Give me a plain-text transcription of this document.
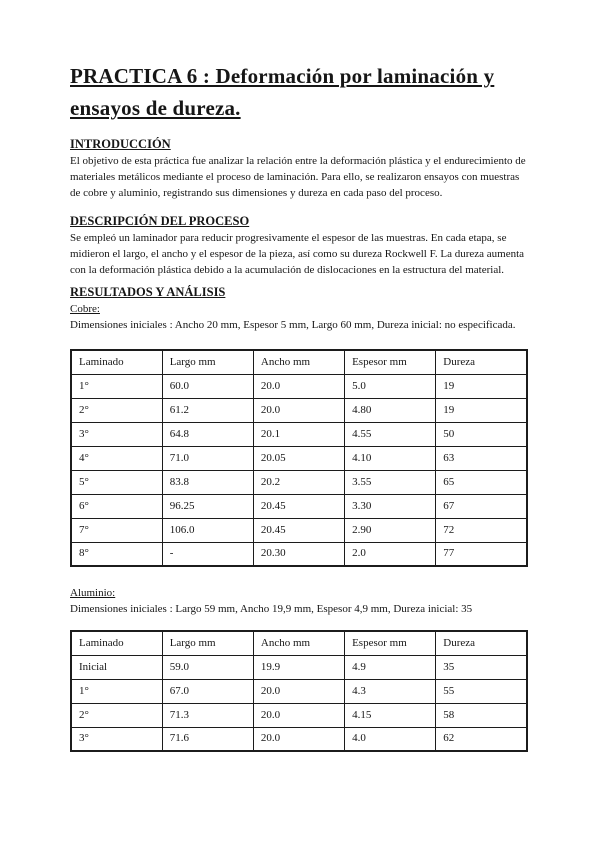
PRACTICA 6 : Deformación por laminación y ensayos de dureza.
INTRODUCCIÓN

El objetivo de esta práctica fue analizar la relación entre la deformación plástica y el endurecimiento de materiales metálicos mediante el proceso de laminación. Para ello, se realizaron ensayos con muestras de cobre y aluminio, registrando sus dimensiones y dureza en cada paso del proceso.

DESCRIPCIÓN DEL PROCESO

Se empleó un laminador para reducir progresivamente el espesor de las muestras. En cada etapa, se midieron el largo, el ancho y el espesor de la pieza, así como su dureza Rockwell F. La dureza aumenta con la deformación plástica debido a la acumulación de dislocaciones en la estructura del material.

RESULTADOS Y ANÁLISIS

Cobre:

Dimensiones iniciales : Ancho 20 mm, Espesor 5 mm, Largo 60 mm, Dureza inicial: no especificada.

Laminado	Largo mm	Ancho mm	Espesor mm	Dureza
1°	60.0	20.0	5.0	19
2°	61.2	20.0	4.80	19
3°	64.8	20.1	4.55	50
4°	71.0	20.05	4.10	63
5°	83.8	20.2	3.55	65
6°	96.25	20.45	3.30	67
7°	106.0	20.45	2.90	72
8°	-	20.30	2.0	77

Aluminio:

Dimensiones iniciales : Largo 59 mm, Ancho 19,9 mm, Espesor 4,9 mm, Dureza inicial: 35

Laminado	Largo mm	Ancho mm	Espesor mm	Dureza
Inicial	59.0	19.9	4.9	35
1°	67.0	20.0	4.3	55
2°	71.3	20.0	4.15	58
3°	71.6	20.0	4.0	62
